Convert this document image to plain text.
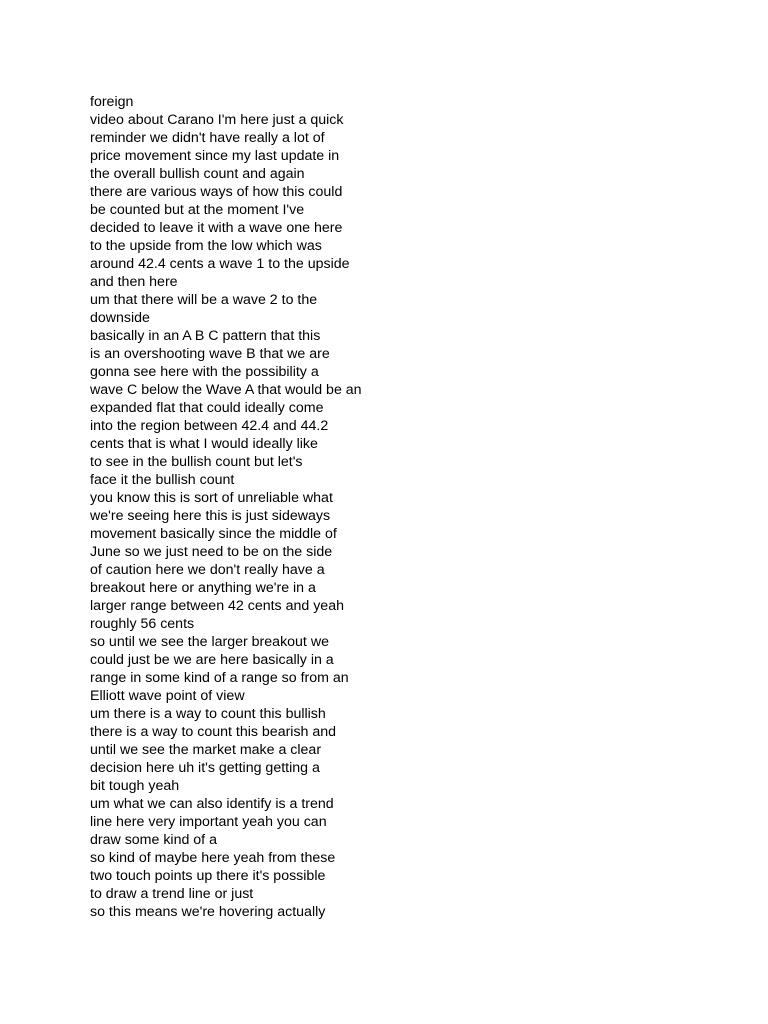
foreign
video about Carano I'm here just a quick
reminder we didn't have really a lot of
price movement since my last update in
the overall bullish count and again
there are various ways of how this could
be counted but at the moment I've
decided to leave it with a wave one here
to the upside from the low which was
around 42.4 cents a wave 1 to the upside
and then here
um that there will be a wave 2 to the
downside
basically in an A B C pattern that this
is an overshooting wave B that we are
gonna see here with the possibility a
wave C below the Wave A that would be an
expanded flat that could ideally come
into the region between 42.4 and 44.2
cents that is what I would ideally like
to see in the bullish count but let's
face it the bullish count
you know this is sort of unreliable what
we're seeing here this is just sideways
movement basically since the middle of
June so we just need to be on the side
of caution here we don't really have a
breakout here or anything we're in a
larger range between 42 cents and yeah
roughly 56 cents
so until we see the larger breakout we
could just be we are here basically in a
range in some kind of a range so from an
Elliott wave point of view
um there is a way to count this bullish
there is a way to count this bearish and
until we see the market make a clear
decision here uh it's getting getting a
bit tough yeah
um what we can also identify is a trend
line here very important yeah you can
draw some kind of a
so kind of maybe here yeah from these
two touch points up there it's possible
to draw a trend line or just
so this means we're hovering actually
